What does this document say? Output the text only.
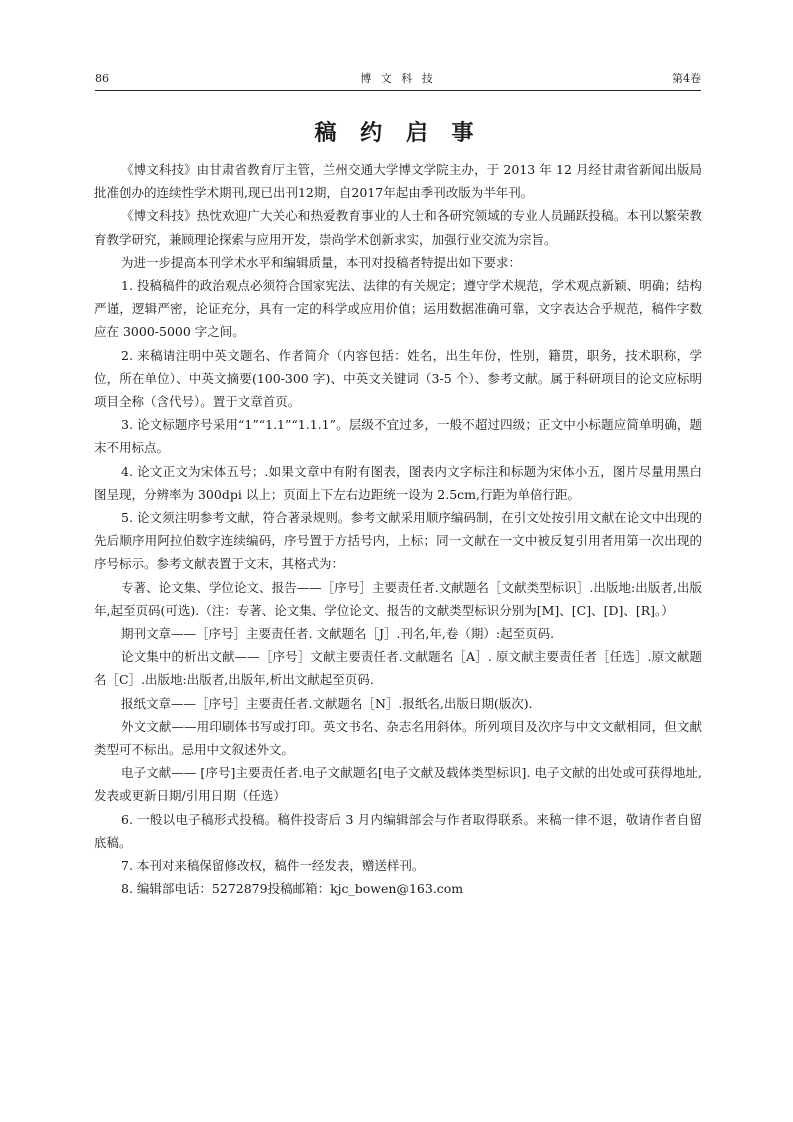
86	博 文 科 技	第4卷
稿 约 启 事

《博文科技》由甘肃省教育厅主管，兰州交通大学博文学院主办，于 2013 年 12 月经甘肃省新闻出版局批准创办的连续性学术期刊,现已出刊12期，自2017年起由季刊改版为半年刊。

《博文科技》热忱欢迎广大关心和热爱教育事业的人士和各研究领域的专业人员踊跃投稿。本刊以繁荣教育教学研究，兼顾理论探索与应用开发，崇尚学术创新求实，加强行业交流为宗旨。

为进一步提高本刊学术水平和编辑质量，本刊对投稿者特提出如下要求：

1. 投稿稿件的政治观点必须符合国家宪法、法律的有关规定；遵守学术规范，学术观点新颖、明确；结构严谨，逻辑严密，论证充分，具有一定的科学或应用价值；运用数据准确可靠，文字表达合乎规范，稿件字数应在 3000-5000 字之间。

2. 来稿请注明中英文题名、作者简介（内容包括：姓名，出生年份，性别，籍贯，职务，技术职称，学位，所在单位）、中英文摘要(100-300 字)、中英文关键词（3-5 个）、参考文献。属于科研项目的论文应标明项目全称（含代号）。置于文章首页。

3. 论文标题序号采用“1”“1.1”“1.1.1”。层级不宜过多，一般不超过四级；正文中小标题应简单明确，题末不用标点。

4. 论文正文为宋体五号；.如果文章中有附有图表，图表内文字标注和标题为宋体小五，图片尽量用黑白图呈现，分辨率为 300dpi 以上；页面上下左右边距统一设为 2.5cm,行距为单倍行距。

5. 论文须注明参考文献，符合著录规则。参考文献采用顺序编码制，在引文处按引用文献在论文中出现的先后顺序用阿拉伯数字连续编码，序号置于方括号内，上标；同一文献在一文中被反复引用者用第一次出现的序号标示。参考文献表置于文末，其格式为：

专著、论文集、学位论文、报告——［序号］主要责任者.文献题名［文献类型标识］.出版地:出版者,出版年,起至页码(可选).（注：专著、论文集、学位论文、报告的文献类型标识分别为[M]、[C]、[D]、[R]。）

期刊文章——［序号］主要责任者. 文献题名［J］.刊名,年,卷（期）:起至页码.

论文集中的析出文献——［序号］文献主要责任者.文献题名［A］. 原文献主要责任者［任选］.原文献题名［C］.出版地:出版者,出版年,析出文献起至页码.

报纸文章——［序号］主要责任者.文献题名［N］.报纸名,出版日期(版次).

外文文献——用印刷体书写或打印。英文书名、杂志名用斜体。所列项目及次序与中文文献相同，但文献类型可不标出。忌用中文叙述外文。

电子文献—— [序号]主要责任者.电子文献题名[电子文献及载体类型标识]. 电子文献的出处或可获得地址,发表或更新日期/引用日期（任选）

6. 一般以电子稿形式投稿。稿件投寄后 3 月内编辑部会与作者取得联系。来稿一律不退，敬请作者自留底稿。

7. 本刊对来稿保留修改权，稿件一经发表，赠送样刊。

8. 编辑部电话：5272879投稿邮箱：kjc_bowen@163.com
